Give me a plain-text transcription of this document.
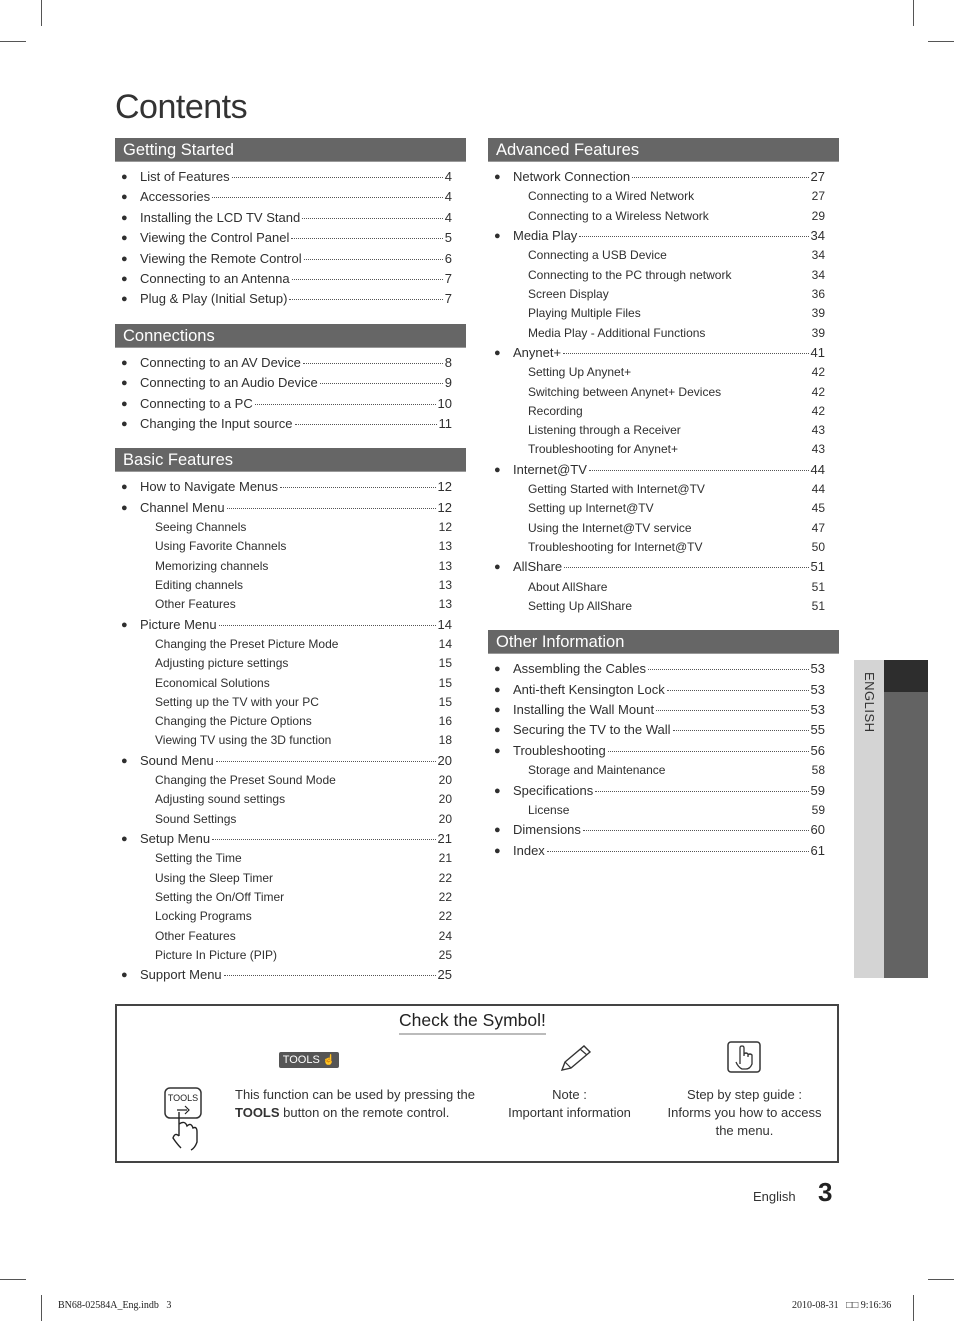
Contents
Getting Started
● List of Features	4
● Accessories	4
● Installing the LCD TV Stand	4
● Viewing the Control Panel	5
● Viewing the Remote Control	6
● Connecting to an Antenna	7
● Plug & Play (Initial Setup)	7
Connections
● Connecting to an AV Device	8
● Connecting to an Audio Device	9
● Connecting to a PC	10
● Changing the Input source	11
Basic Features
● How to Navigate Menus	12
● Channel Menu	12
Seeing Channels	12
Using Favorite Channels	13
Memorizing channels	13
Editing channels	13
Other Features	13
● Picture Menu	14
Changing the Preset Picture Mode	14
Adjusting picture settings	15
Economical Solutions	15
Setting up the TV with your PC	15
Changing the Picture Options	16
Viewing TV using the 3D function	18
● Sound Menu	20
Changing the Preset Sound Mode	20
Adjusting sound settings	20
Sound Settings	20
● Setup Menu	21
Setting the Time	21
Using the Sleep Timer	22
Setting the On/Off Timer	22
Locking Programs	22
Other Features	24
Picture In Picture (PIP)	25
● Support Menu	25
Advanced Features
● Network Connection	27
Connecting to a Wired Network	27
Connecting to a Wireless Network	29
● Media Play	34
Connecting a USB Device	34
Connecting to the PC through network	34
Screen Display	36
Playing Multiple Files	39
Media Play - Additional Functions	39
● Anynet+	41
Setting Up Anynet+	42
Switching between Anynet+ Devices	42
Recording	42
Listening through a Receiver	43
Troubleshooting for Anynet+	43
● Internet@TV	44
Getting Started with Internet@TV	44
Setting up Internet@TV	45
Using the Internet@TV service	47
Troubleshooting for Internet@TV	50
● AllShare	51
About AllShare	51
Setting Up AllShare	51
Other Information
● Assembling the Cables	53
● Anti-theft Kensington Lock	53
● Installing the Wall Mount	53
● Securing the TV to the Wall	55
● Troubleshooting	56
Storage and Maintenance	58
● Specifications	59
License	59
● Dimensions	60
● Index	61
ENGLISH
Check the Symbol!
TOOLS ☝
TOOLS	This function can be used by pressing the
TOOLS button on the remote control.
Note :
Important information
Step by step guide :
Informs you how to access
the menu.
English 3
BN68-02584A_Eng.indb   3	2010-08-31   □□ 9:16:36
